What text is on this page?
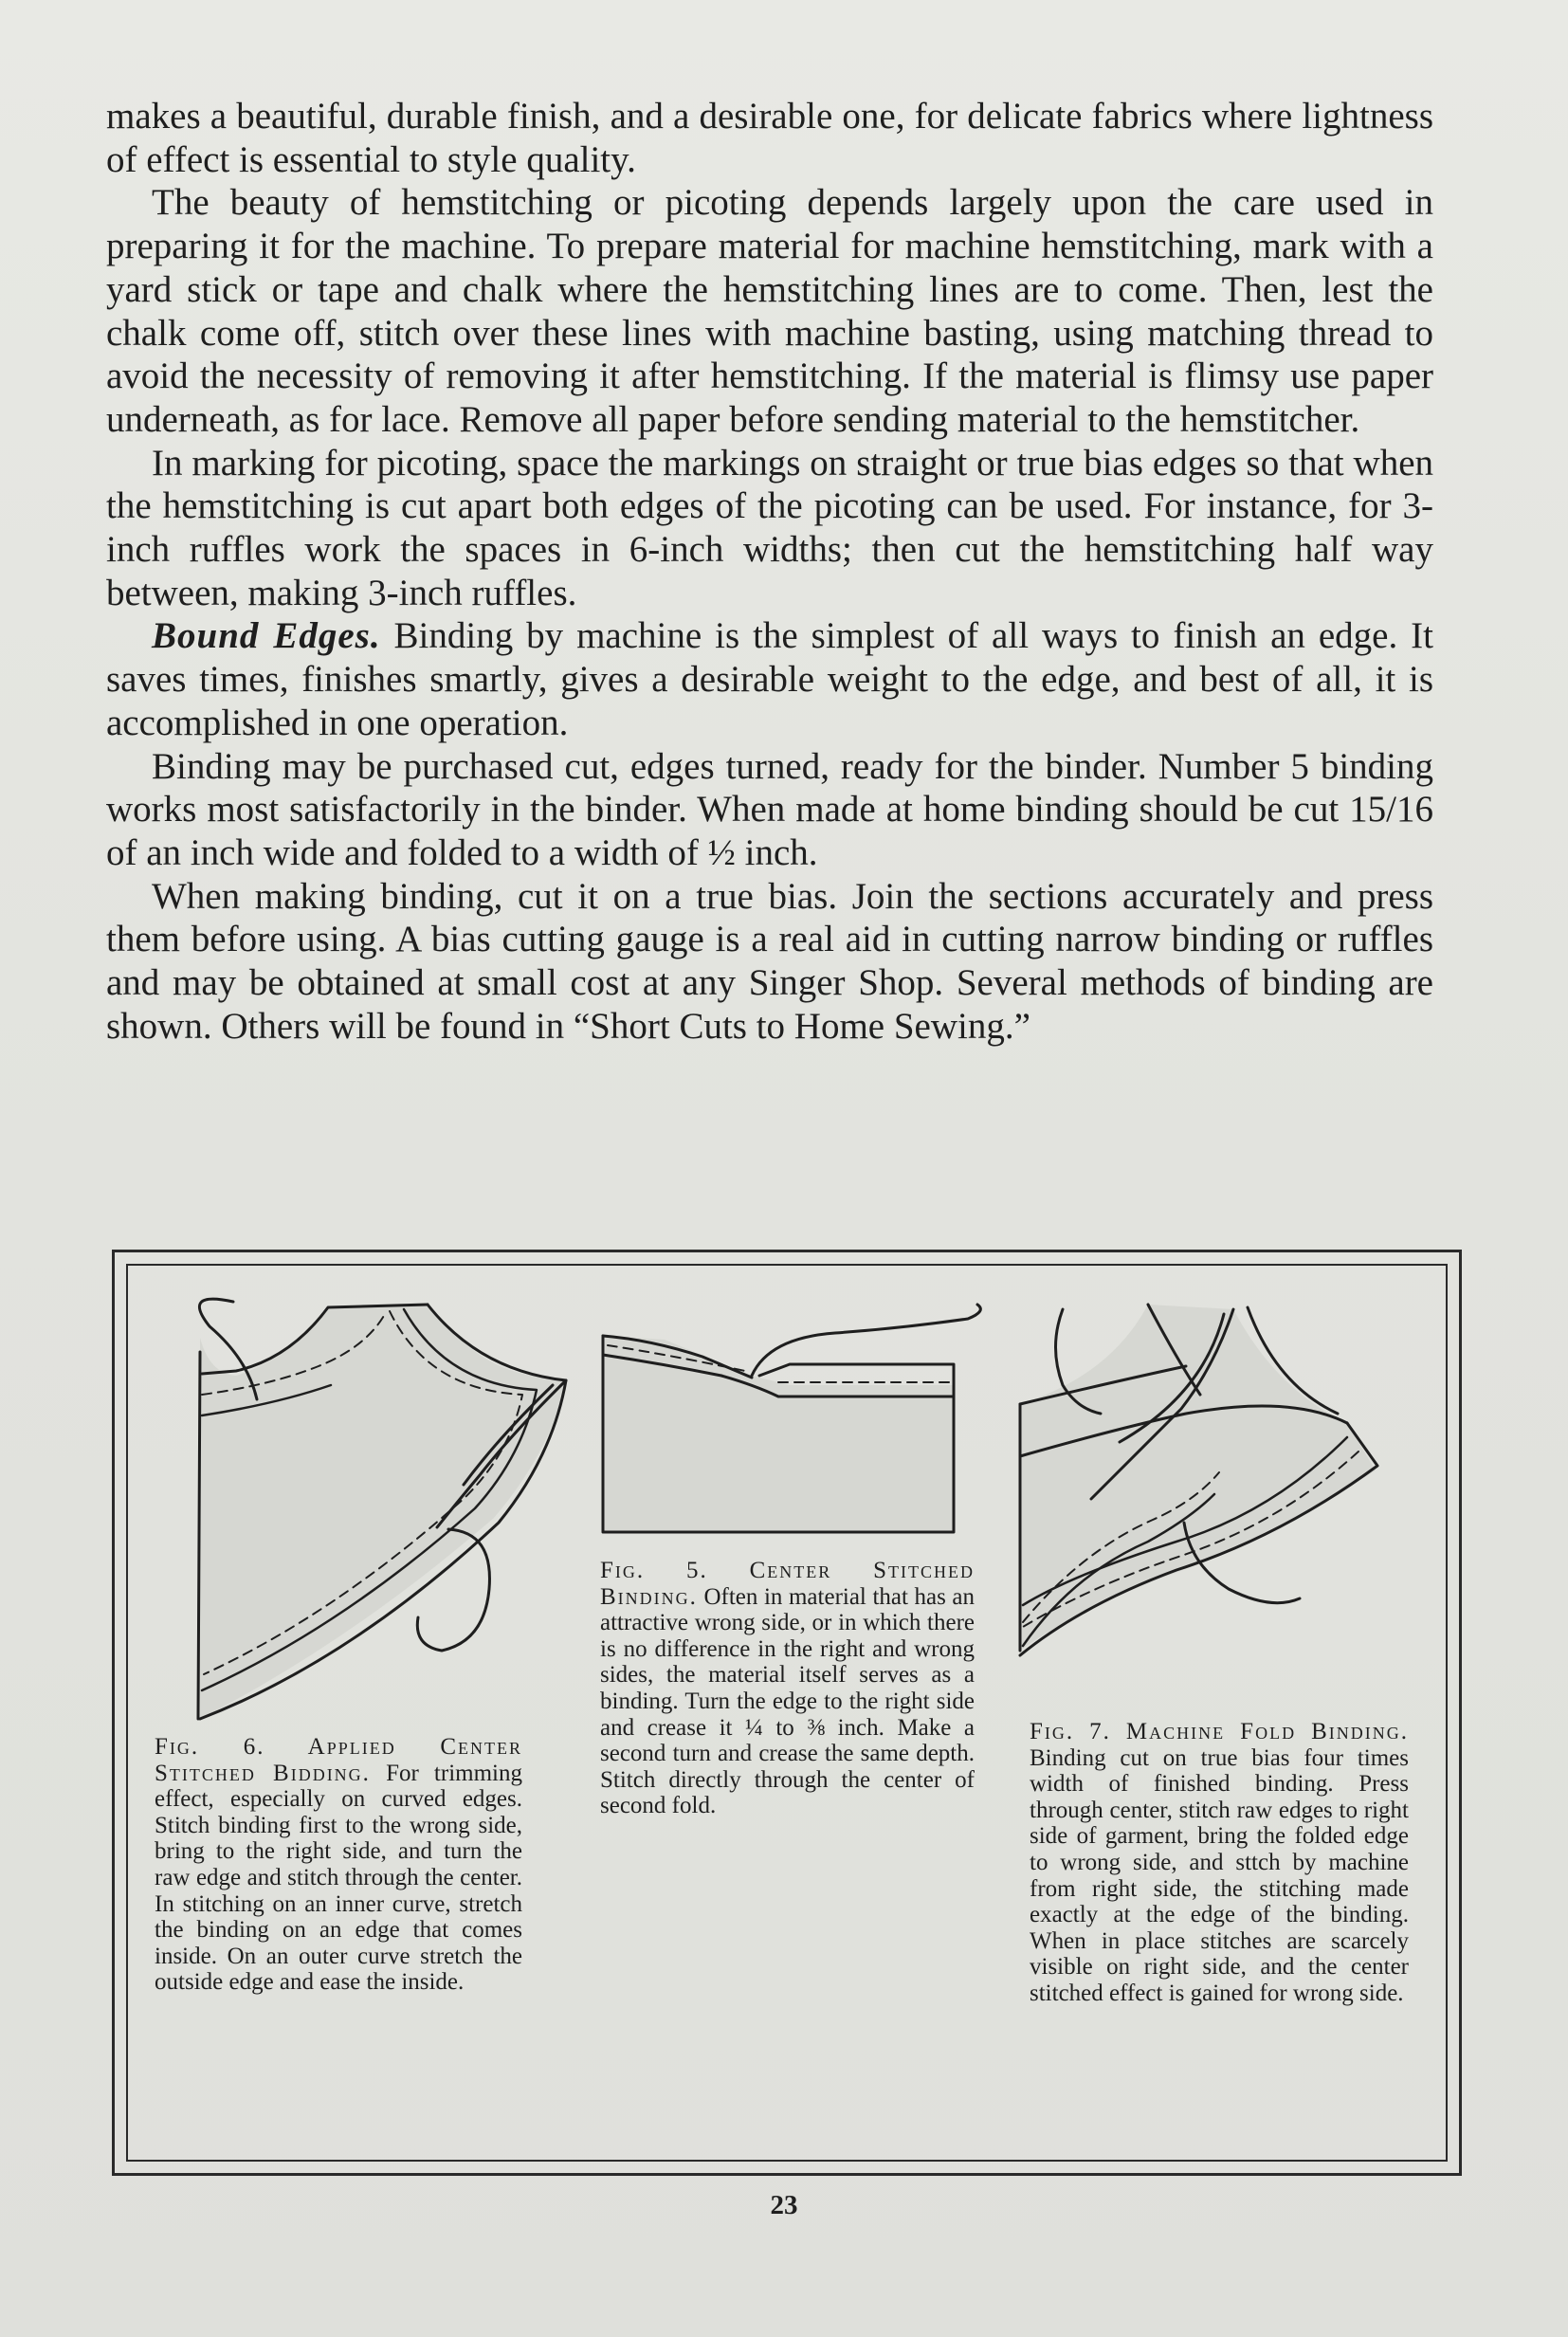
makes a beautiful, durable finish, and a desirable one, for delicate fabrics where lightness of effect is essential to style quality.

The beauty of hemstitching or picoting depends largely upon the care used in preparing it for the machine. To prepare material for machine hemstitching, mark with a yard stick or tape and chalk where the hemstitching lines are to come. Then, lest the chalk come off, stitch over these lines with machine basting, using matching thread to avoid the necessity of removing it after hemstitching. If the material is flimsy use paper underneath, as for lace. Remove all paper before sending material to the hemstitcher.

In marking for picoting, space the markings on straight or true bias edges so that when the hemstitching is cut apart both edges of the picoting can be used. For instance, for 3-inch ruffles work the spaces in 6-inch widths; then cut the hemstitching half way between, making 3-inch ruffles.

Bound Edges. Binding by machine is the simplest of all ways to finish an edge. It saves times, finishes smartly, gives a desirable weight to the edge, and best of all, it is accomplished in one operation.

Binding may be purchased cut, edges turned, ready for the binder. Number 5 binding works most satisfactorily in the binder. When made at home binding should be cut 15/16 of an inch wide and folded to a width of ½ inch.

When making binding, cut it on a true bias. Join the sections accurately and press them before using. A bias cutting gauge is a real aid in cutting narrow binding or ruffles and may be obtained at small cost at any Singer Shop. Several methods of binding are shown. Others will be found in “Short Cuts to Home Sewing.”

Fig. 6. Applied Center Stitched Bidding. For trimming effect, especially on curved edges. Stitch binding first to the wrong side, bring to the right side, and turn the raw edge and stitch through the center. In stitching on an inner curve, stretch the binding on an edge that comes inside. On an outer curve stretch the outside edge and ease the inside.
Fig. 5. Center Stitched Binding. Often in material that has an attractive wrong side, or in which there is no difference in the right and wrong sides, the material itself serves as a binding. Turn the edge to the right side and crease it ¼ to ⅜ inch. Make a second turn and crease the same depth. Stitch directly through the center of second fold.
Fig. 7. Machine Fold Binding. Binding cut on true bias four times width of finished binding. Press through center, stitch raw edges to right side of garment, bring the folded edge to wrong side, and sttch by machine from right side, the stitching made exactly at the edge of the binding. When in place stitches are scarcely visible on right side, and the center stitched effect is gained for wrong side.
23
